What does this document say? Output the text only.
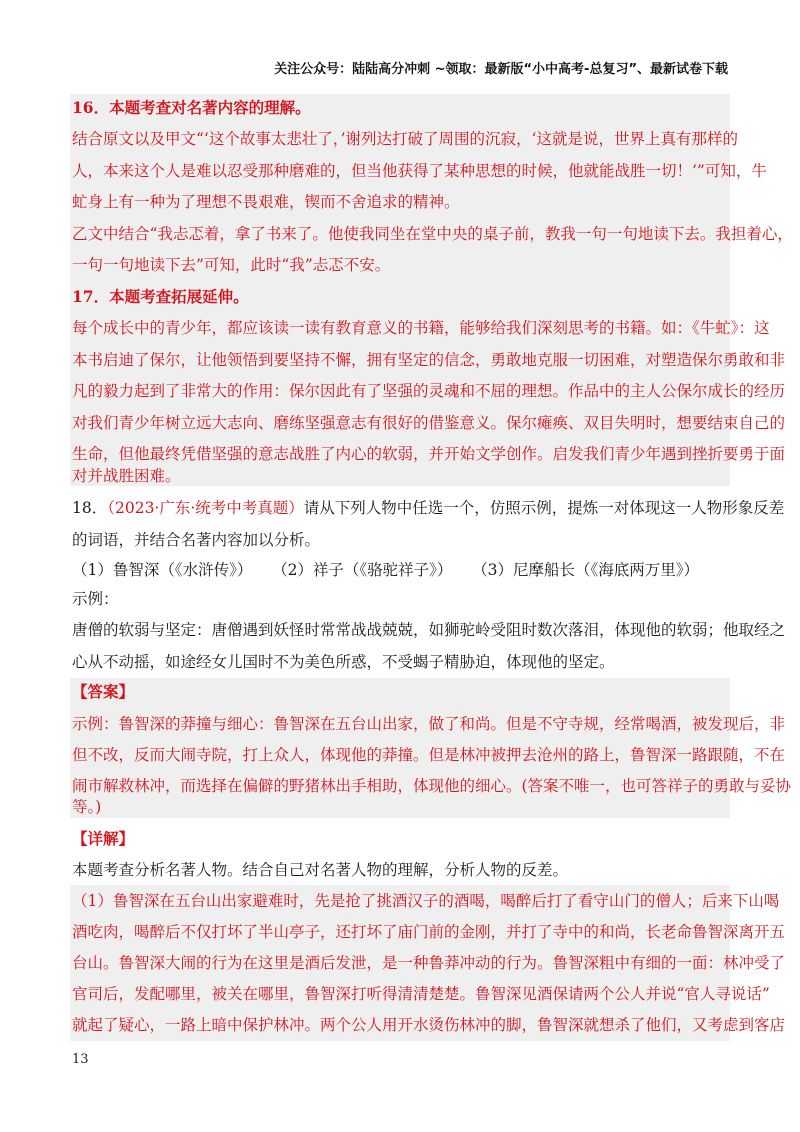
关注公众号：陆陆高分冲刺 ~领取：最新版“小中高考-总复习”、最新试卷下载
16．本题考查对名著内容的理解。
结合原文以及甲文“‘这个故事太悲壮了，’谢列达打破了周围的沉寂，‘这就是说，世界上真有那样的
人，本来这个人是难以忍受那种磨难的，但当他获得了某种思想的时候，他就能战胜一切！’”可知，牛
虻身上有一种为了理想不畏艰难，锲而不舍追求的精神。
乙文中结合“我忐忑着，拿了书来了。他使我同坐在堂中央的桌子前，教我一句一句地读下去。我担着心，
一句一句地读下去”可知，此时“我”忐忑不安。
17．本题考查拓展延伸。
每个成长中的青少年，都应该读一读有教育意义的书籍，能够给我们深刻思考的书籍。如：《牛虻》：这
本书启迪了保尔，让他领悟到要坚持不懈，拥有坚定的信念，勇敢地克服一切困难，对塑造保尔勇敢和非
凡的毅力起到了非常大的作用：保尔因此有了坚强的灵魂和不屈的理想。作品中的主人公保尔成长的经历
对我们青少年树立远大志向、磨练坚强意志有很好的借鉴意义。保尔瘫痪、双目失明时，想要结束自己的
生命，但他最终凭借坚强的意志战胜了内心的软弱，并开始文学创作。启发我们青少年遇到挫折要勇于面
对并战胜困难。
18．（2023·广东·统考中考真题）请从下列人物中任选一个，仿照示例，提炼一对体现这一人物形象反差
的词语，并结合名著内容加以分析。
（1）鲁智深（《水浒传》）    （2）祥子（《骆驼祥子》）    （3）尼摩船长（《海底两万里》）
示例：
唐僧的软弱与坚定：唐僧遇到妖怪时常常战战兢兢，如狮驼岭受阻时数次落泪，体现他的软弱；他取经之
心从不动摇，如途经女儿国时不为美色所惑，不受蝎子精胁迫，体现他的坚定。
【答案】
示例：鲁智深的莽撞与细心：鲁智深在五台山出家，做了和尚。但是不守寺规，经常喝酒，被发现后，非
但不改，反而大闹寺院，打上众人，体现他的莽撞。但是林冲被押去沧州的路上，鲁智深一路跟随，不在
闹市解救林冲，而选择在偏僻的野猪林出手相助，体现他的细心。(答案不唯一，也可答祥子的勇敢与妥协
等。)
【详解】
本题考查分析名著人物。结合自己对名著人物的理解，分析人物的反差。
（1）鲁智深在五台山出家避难时，先是抢了挑酒汉子的酒喝，喝醉后打了看守山门的僧人；后来下山喝
酒吃肉，喝醉后不仅打坏了半山亭子，还打坏了庙门前的金刚，并打了寺中的和尚，长老命鲁智深离开五
台山。鲁智深大闹的行为在这里是酒后发泄，是一种鲁莽冲动的行为。鲁智深粗中有细的一面：林冲受了
官司后，发配哪里，被关在哪里，鲁智深打听得清清楚楚。鲁智深见酒保请两个公人并说“官人寻说话”
就起了疑心，一路上暗中保护林冲。两个公人用开水烫伤林冲的脚，鲁智深就想杀了他们，又考虑到客店
13
